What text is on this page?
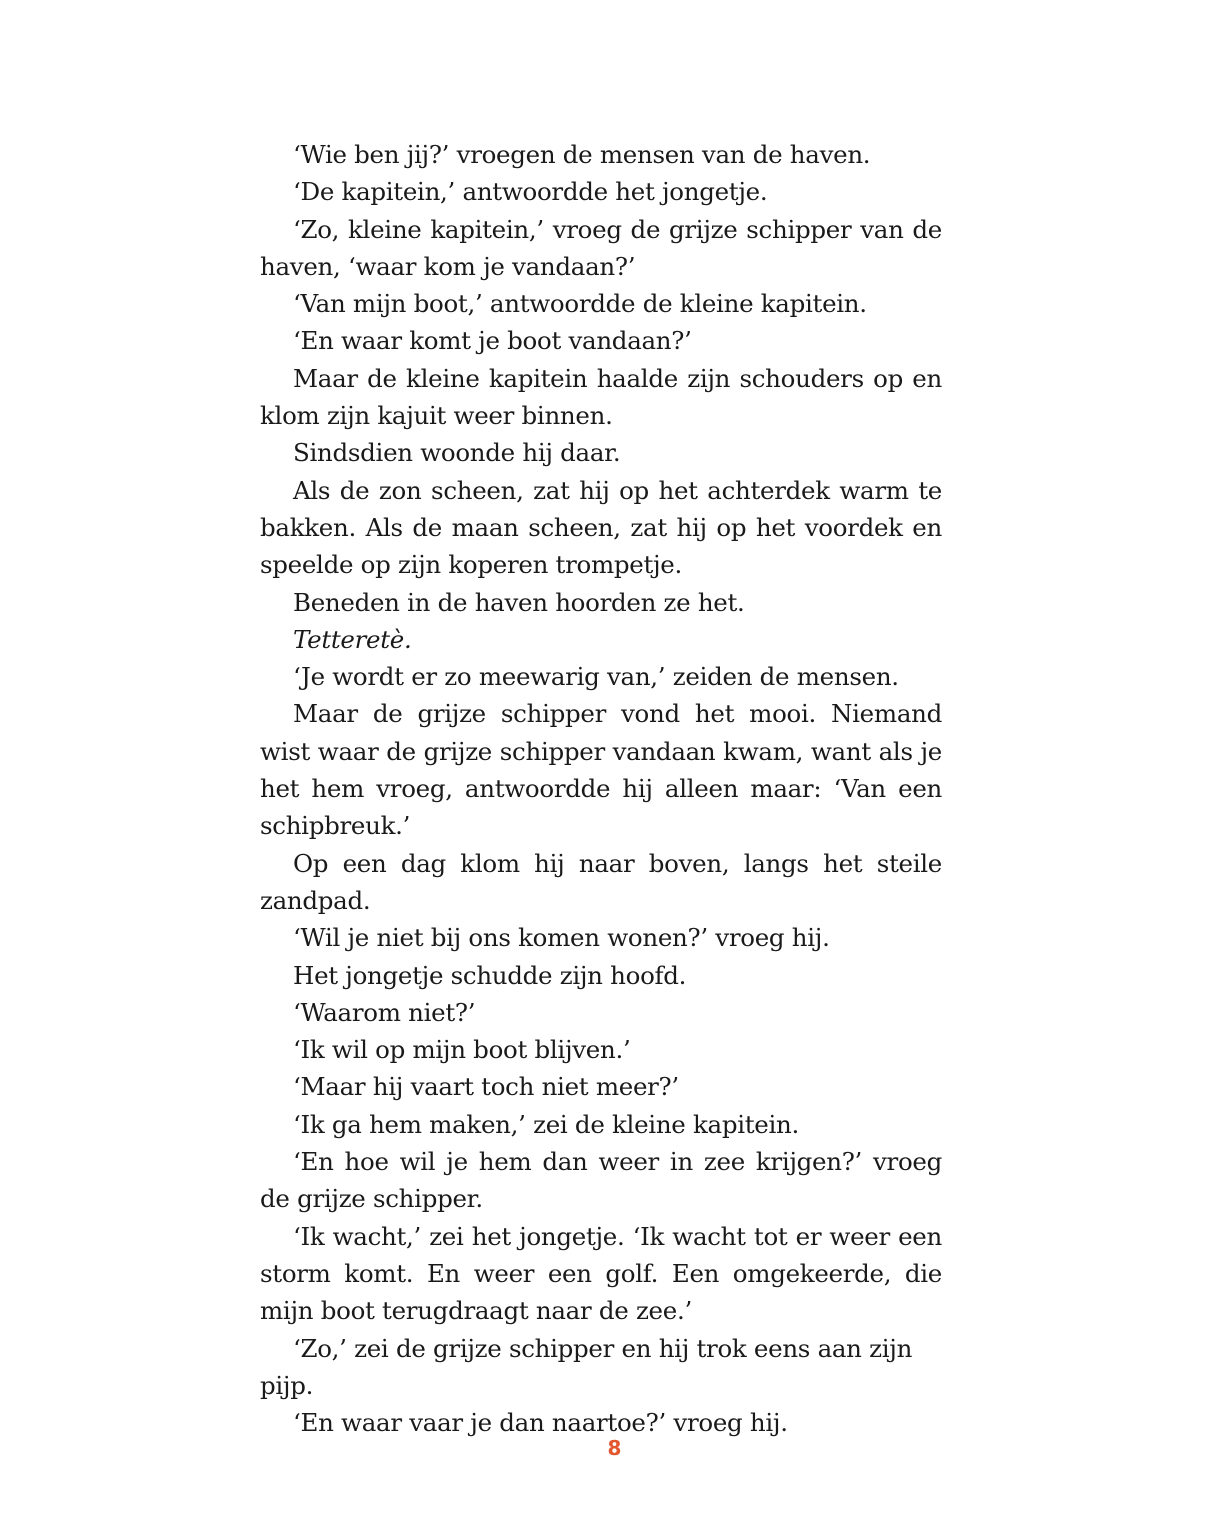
‘Wie ben jij?’ vroegen de mensen van de haven.

‘De kapitein,’ antwoordde het jongetje.

‘Zo, kleine kapitein,’ vroeg de grijze schipper van de haven, ‘waar kom je vandaan?’

‘Van mijn boot,’ antwoordde de kleine kapitein.

‘En waar komt je boot vandaan?’

Maar de kleine kapitein haalde zijn schouders op en klom zijn kajuit weer binnen.

Sindsdien woonde hij daar.

Als de zon scheen, zat hij op het achterdek warm te bakken. Als de maan scheen, zat hij op het voordek en speelde op zijn koperen trompetje.

Beneden in de haven hoorden ze het.

Tetteretè.

‘Je wordt er zo meewarig van,’ zeiden de mensen.

Maar de grijze schipper vond het mooi. Niemand wist waar de grijze schipper vandaan kwam, want als je het hem vroeg, antwoordde hij alleen maar: ‘Van een schipbreuk.’

Op een dag klom hij naar boven, langs het steile zandpad.

‘Wil je niet bij ons komen wonen?’ vroeg hij.

Het jongetje schudde zijn hoofd.

‘Waarom niet?’

‘Ik wil op mijn boot blijven.’

‘Maar hij vaart toch niet meer?’

‘Ik ga hem maken,’ zei de kleine kapitein.

‘En hoe wil je hem dan weer in zee krijgen?’ vroeg de grijze schipper.

‘Ik wacht,’ zei het jongetje. ‘Ik wacht tot er weer een storm komt. En weer een golf. Een omgekeerde, die mijn boot terugdraagt naar de zee.’

‘Zo,’ zei de grijze schipper en hij trok eens aan zijn pijp.

‘En waar vaar je dan naartoe?’ vroeg hij.

8
